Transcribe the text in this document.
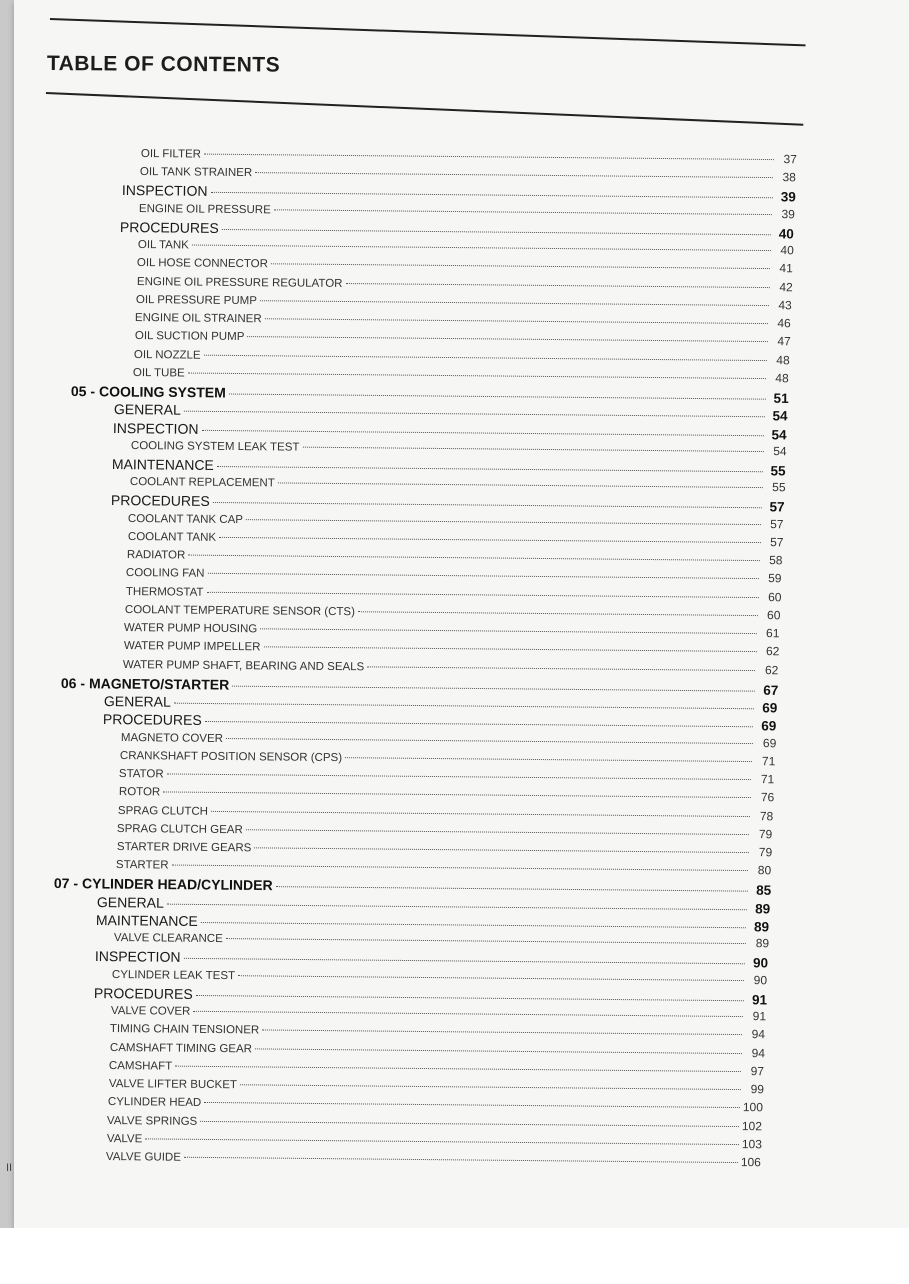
TABLE OF CONTENTS
OIL FILTER	37
OIL TANK STRAINER	38
INSPECTION	39
ENGINE OIL PRESSURE	39
PROCEDURES	40
OIL TANK	40
OIL HOSE CONNECTOR	41
ENGINE OIL PRESSURE REGULATOR	42
OIL PRESSURE PUMP	43
ENGINE OIL STRAINER	46
OIL SUCTION PUMP	47
OIL NOZZLE	48
OIL TUBE	48
05 - COOLING SYSTEM	51
GENERAL	54
INSPECTION	54
COOLING SYSTEM LEAK TEST	54
MAINTENANCE	55
COOLANT REPLACEMENT	55
PROCEDURES	57
COOLANT TANK CAP	57
COOLANT TANK	57
RADIATOR	58
COOLING FAN	59
THERMOSTAT	60
COOLANT TEMPERATURE SENSOR (CTS)	60
WATER PUMP HOUSING	61
WATER PUMP IMPELLER	62
WATER PUMP SHAFT, BEARING AND SEALS	62
06 - MAGNETO/STARTER	67
GENERAL	69
PROCEDURES	69
MAGNETO COVER	69
CRANKSHAFT POSITION SENSOR (CPS)	71
STATOR	71
ROTOR	76
SPRAG CLUTCH	78
SPRAG CLUTCH GEAR	79
STARTER DRIVE GEARS	79
STARTER	80
07 - CYLINDER HEAD/CYLINDER	85
GENERAL	89
MAINTENANCE	89
VALVE CLEARANCE	89
INSPECTION	90
CYLINDER LEAK TEST	90
PROCEDURES	91
VALVE COVER	91
TIMING CHAIN TENSIONER	94
CAMSHAFT TIMING GEAR	94
CAMSHAFT	97
VALVE LIFTER BUCKET	99
CYLINDER HEAD	100
VALVE SPRINGS	102
VALVE	103
VALVE GUIDE	106
II
